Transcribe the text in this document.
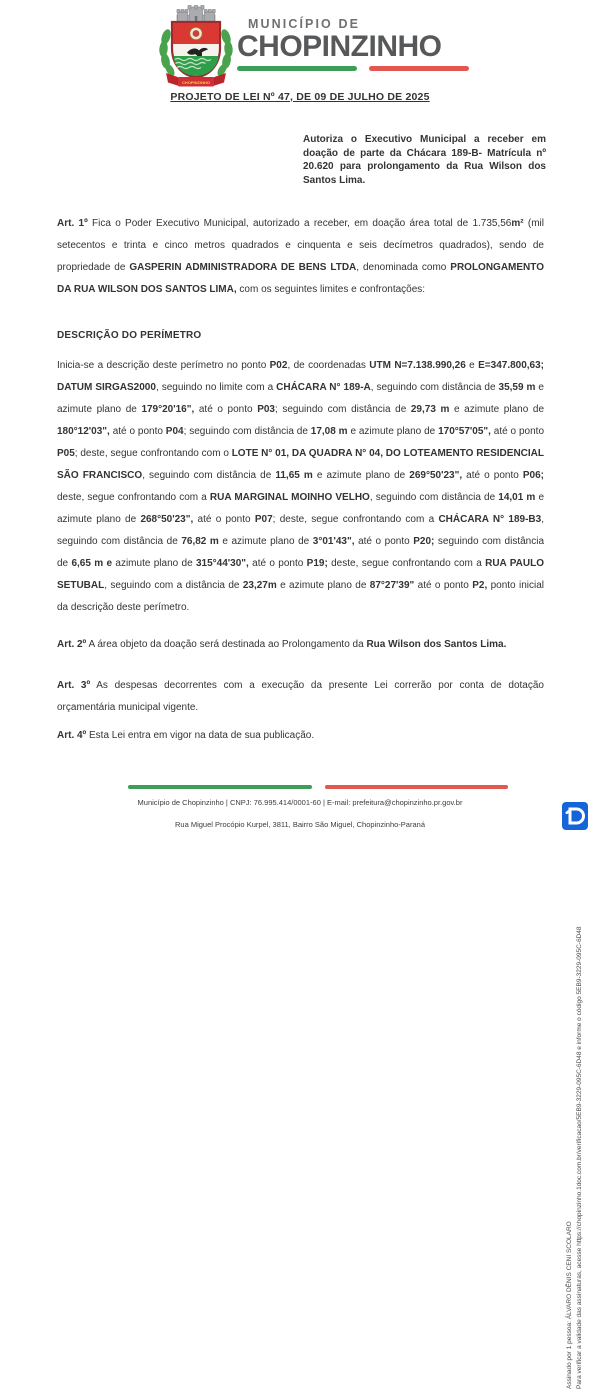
CHOPINZINHO
MUNICÍPIO DE
CHOPINZINHO
PROJETO DE LEI Nº 47, DE 09 DE JULHO DE 2025
Autoriza o Executivo Municipal a receber em doação de parte da Chácara 189-B- Matrícula nº 20.620 para prolongamento da Rua Wilson dos Santos Lima.
Art. 1º Fica o Poder Executivo Municipal, autorizado a receber, em doação área total de 1.735,56m² (mil setecentos e trinta e cinco metros quadrados e cinquenta e seis decímetros quadrados), sendo de propriedade de GASPERIN ADMINISTRADORA DE BENS LTDA, denominada como PROLONGAMENTO DA RUA WILSON DOS SANTOS LIMA, com os seguintes limites e confrontações:
DESCRIÇÃO DO PERÍMETRO
Inicia-se a descrição deste perímetro no ponto P02, de coordenadas UTM N=7.138.990,26 e E=347.800,63; DATUM SIRGAS2000, seguindo no limite com a CHÁCARA N° 189-A, seguindo com distância de 35,59 m e azimute plano de 179°20'16", até o ponto P03; seguindo com distância de 29,73 m e azimute plano de 180°12'03", até o ponto P04; seguindo com distância de 17,08 m e azimute plano de 170°57'05", até o ponto P05; deste, segue confrontando com o LOTE N° 01, DA QUADRA N° 04, DO LOTEAMENTO RESIDENCIAL SÃO FRANCISCO, seguindo com distância de 11,65 m e azimute plano de 269°50'23", até o ponto P06; deste, segue confrontando com a RUA MARGINAL MOINHO VELHO, seguindo com distância de 14,01 m e azimute plano de 268°50'23", até o ponto P07; deste, segue confrontando com a CHÁCARA N° 189-B3, seguindo com distância de 76,82 m e azimute plano de 3°01'43", até o ponto P20; seguindo com distância de 6,65 m e azimute plano de 315°44'30", até o ponto P19; deste, segue confrontando com a RUA PAULO SETUBAL, seguindo com a distância de 23,27m e azimute plano de 87°27'39" até o ponto P2, ponto inicial da descrição deste perímetro.
Art. 2º A área objeto da doação será destinada ao Prolongamento da Rua Wilson dos Santos Lima.
Art. 3º As despesas decorrentes com a execução da presente Lei correrão por conta de dotação orçamentária municipal vigente.
Art. 4º Esta Lei entra em vigor na data de sua publicação.
Município de Chopinzinho | CNPJ: 76.995.414/0001-60 | E-mail: prefeitura@chopinzinho.pr.gov.br
Rua Miguel Procópio Kurpel, 3811, Bairro São Miguel, Chopinzinho-Paraná
Assinado por 1 pessoa: ÁLVARO DÊNIS CENI SCOLARO Para verificar a validade das assinaturas, acesse https://chopinzinho.1doc.com.br/verificacao/5EB9-3229-095C-6D48 e informe o código 5EB9-3229-095C-6D48
